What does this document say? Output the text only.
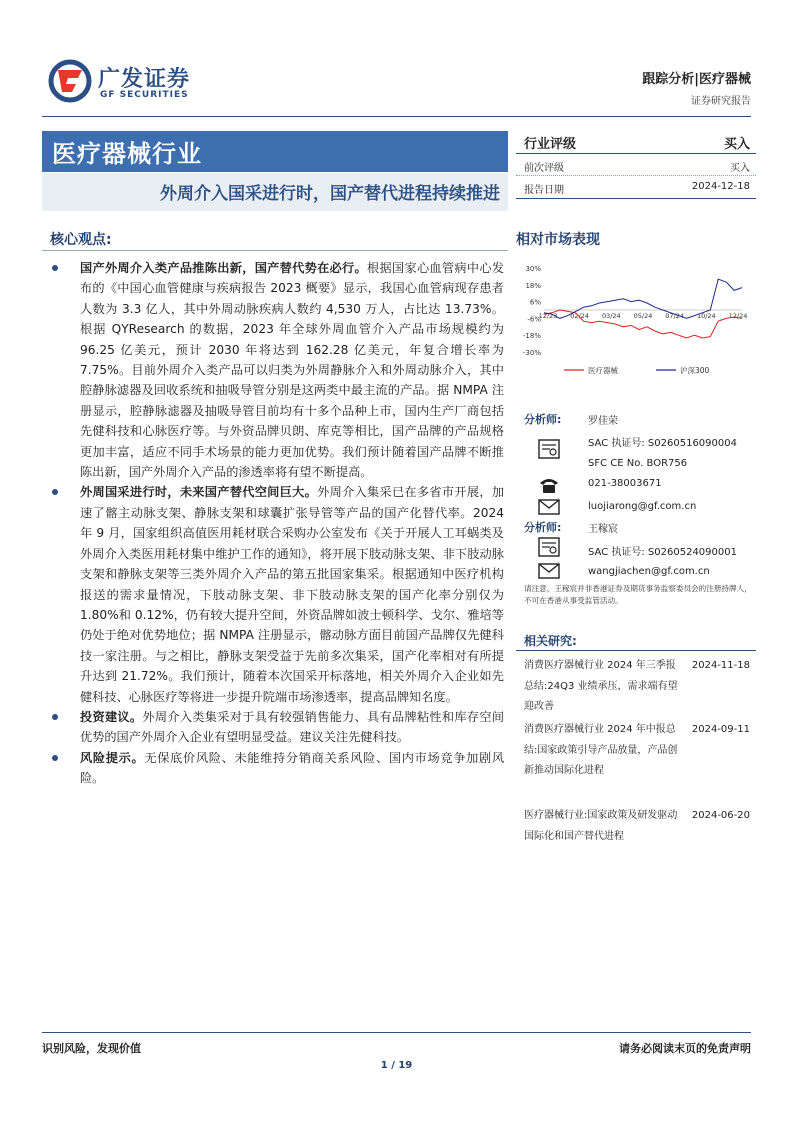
广发证券
GF SECURITIES
跟踪分析|医疗器械
证券研究报告
医疗器械行业
外周介入国采进行时，国产替代进程持续推进
行业评级	买入
前次评级	买入
报告日期	2024-12-18
核心观点:
国产外周介入类产品推陈出新，国产替代势在必行。根据国家心血管病中心发布的《中国心血管健康与疾病报告 2023 概要》显示，我国心血管病现存患者人数为 3.3 亿人，其中外周动脉疾病人数约 4,530 万人，占比达 13.73%。根据 QYResearch 的数据，2023 年全球外周血管介入产品市场规模约为 96.25 亿美元，预计 2030 年将达到 162.28 亿美元，年复合增长率为 7.75%。目前外周介入类产品可以归类为外周静脉介入和外周动脉介入，其中腔静脉滤器及回收系统和抽吸导管分别是这两类中最主流的产品。据 NMPA 注册显示，腔静脉滤器及抽吸导管目前均有十多个品种上市，国内生产厂商包括先健科技和心脉医疗等。与外资品牌贝朗、库克等相比，国产品牌的产品规格更加丰富，适应不同手术场景的能力更加优势。我们预计随着国产品牌不断推陈出新，国产外周介入产品的渗透率将有望不断提高。
外周国采进行时，未来国产替代空间巨大。外周介入集采已在多省市开展，加速了髂主动脉支架、静脉支架和球囊扩张导管等产品的国产化替代率。2024 年 9 月，国家组织高值医用耗材联合采购办公室发布《关于开展人工耳蜗类及外周介入类医用耗材集中维护工作的通知》，将开展下肢动脉支架、非下肢动脉支架和静脉支架等三类外周介入产品的第五批国家集采。根据通知中医疗机构报送的需求量情况，下肢动脉支架、非下肢动脉支架的国产化率分别仅为 1.80%和 0.12%，仍有较大提升空间，外资品牌如波士顿科学、戈尔、雅培等仍处于绝对优势地位；据 NMPA 注册显示，髂动脉方面目前国产品牌仅先健科技一家注册。与之相比，静脉支架受益于先前多次集采，国产化率相对有所提升达到 21.72%。我们预计，随着本次国采开标落地，相关外周介入企业如先健科技、心脉医疗等将进一步提升院端市场渗透率，提高品牌知名度。
投资建议。外周介入类集采对于具有较强销售能力、具有品牌粘性和库存空间优势的国产外周介入企业有望明显受益。建议关注先健科技。
风险提示。无保底价风险、未能维持分销商关系风险、国内市场竞争加剧风险。
相对市场表现
30%
18%
6%
-6%
-18%
-30%
12/23 02/24 03/24 05/24 07/24 10/24 12/24
医疗器械	沪深300
分析师:	罗佳荣
SAC 执证号: S0260516090004
SFC CE No. BOR756
021-38003671
luojiarong@gf.com.cn
分析师:	王稼宸
SAC 执证号: S0260524090001
wangjiachen@gf.com.cn
请注意，王稼宸并非香港证券及期货事务监察委员会的注册持牌人，不可在香港从事受监管活动。
相关研究:
消费医疗器械行业 2024 年三季报总结:24Q3 业绩承压，需求端有望迎改善
2024-11-18
消费医疗器械行业 2024 年中报总结:国家政策引导产品放量，产品创新推动国际化进程
2024-09-11
医疗器械行业:国家政策及研发驱动国际化和国产替代进程
2024-06-20
识别风险，发现价值	请务必阅读末页的免责声明
1 / 19
